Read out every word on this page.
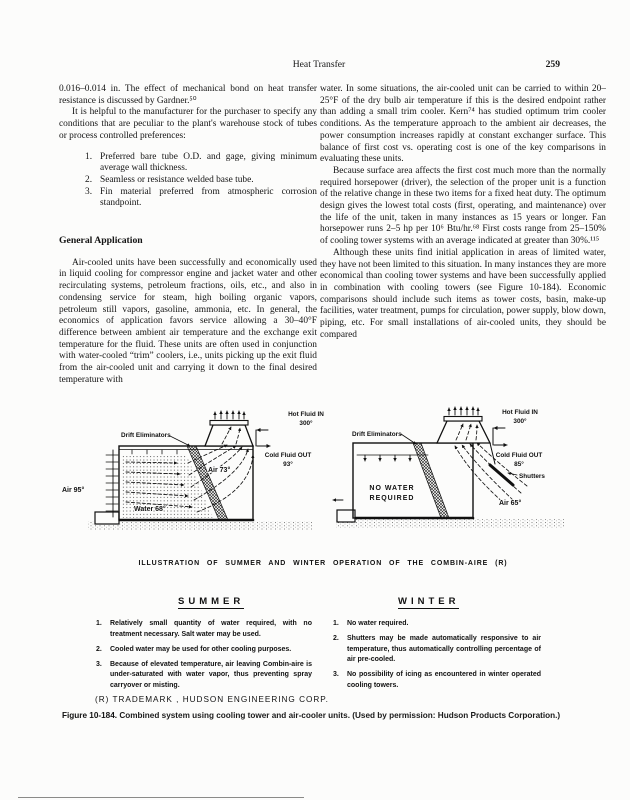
Heat Transfer	259

0.016–0.014 in. The effect of mechanical bond on heat transfer resistance is discussed by Gardner.⁵⁰

It is helpful to the manufacturer for the purchaser to specify any conditions that are peculiar to the plant's warehouse stock of tubes or process controlled preferences:

1. Preferred bare tube O.D. and gage, giving minimum average wall thickness.
2. Seamless or resistance welded base tube.
3. Fin material preferred from atmospheric corrosion standpoint.
General Application

Air-cooled units have been successfully and economically used in liquid cooling for compressor engine and jacket water and other recirculating systems, petroleum fractions, oils, etc., and also in condensing service for steam, high boiling organic vapors, petroleum still vapors, gasoline, ammonia, etc. In general, the economics of application favors service allowing a 30–40°F difference between ambient air temperature and the exchange exit temperature for the fluid. These units are often used in conjunction with water-cooled “trim” coolers, i.e., units picking up the exit fluid from the air-cooled unit and carrying it down to the final desired temperature with

water. In some situations, the air-cooled unit can be carried to within 20–25°F of the dry bulb air temperature if this is the desired endpoint rather than adding a small trim cooler. Kern⁷⁴ has studied optimum trim cooler conditions. As the temperature approach to the ambient air decreases, the power consumption increases rapidly at constant exchanger surface. This balance of first cost vs. operating cost is one of the key comparisons in evaluating these units.

Because surface area affects the first cost much more than the normally required horsepower (driver), the selection of the proper unit is a function of the relative change in these two items for a fixed heat duty. The optimum design gives the lowest total costs (first, operating, and maintenance) over the life of the unit, taken in many instances as 15 years or longer. Fan horsepower runs 2–5 hp per 10⁶ Btu/hr.⁶⁸ First costs range from 25–150% of cooling tower systems with an average indicated at greater than 30%.¹¹⁵

Although these units find initial application in areas of limited water, they have not been limited to this situation. In many instances they are more economical than cooling tower systems and have been successfully applied in combination with cooling towers (see Figure 10-184). Economic comparisons should include such items as tower costs, basin, make-up facilities, water treatment, pumps for circulation, power supply, blow down, piping, etc. For small installations of air-cooled units, they should be compared

Drift Eliminators
Hot Fluid IN
300°
Cold Fluid OUT
93°
Air 73°
Air 95°
Water 68°
Drift Eliminators
Hot Fluid IN
300°
Cold Fluid OUT
85°
Shutters
Air 65°
NO WATER
REQUIRED
ILLUSTRATION OF SUMMER AND WINTER OPERATION OF THE COMBIN-AIRE (R)
SUMMER	WINTER
1.	Relatively small quantity of water required, with no treatment necessary. Salt water may be used.
2.	Cooled water may be used for other cooling purposes.
3.	Because of elevated temperature, air leaving Combin-aire is under-saturated with water vapor, thus preventing spray carryover or misting.
1.	No water required.
2.	Shutters may be made automatically responsive to air temperature, thus automatically controlling percentage of air pre-cooled.
3.	No possibility of icing as encountered in winter operated cooling towers.
(R) TRADEMARK , HUDSON ENGINEERING CORP.
Figure 10-184. Combined system using cooling tower and air-cooler units. (Used by permission: Hudson Products Corporation.)
